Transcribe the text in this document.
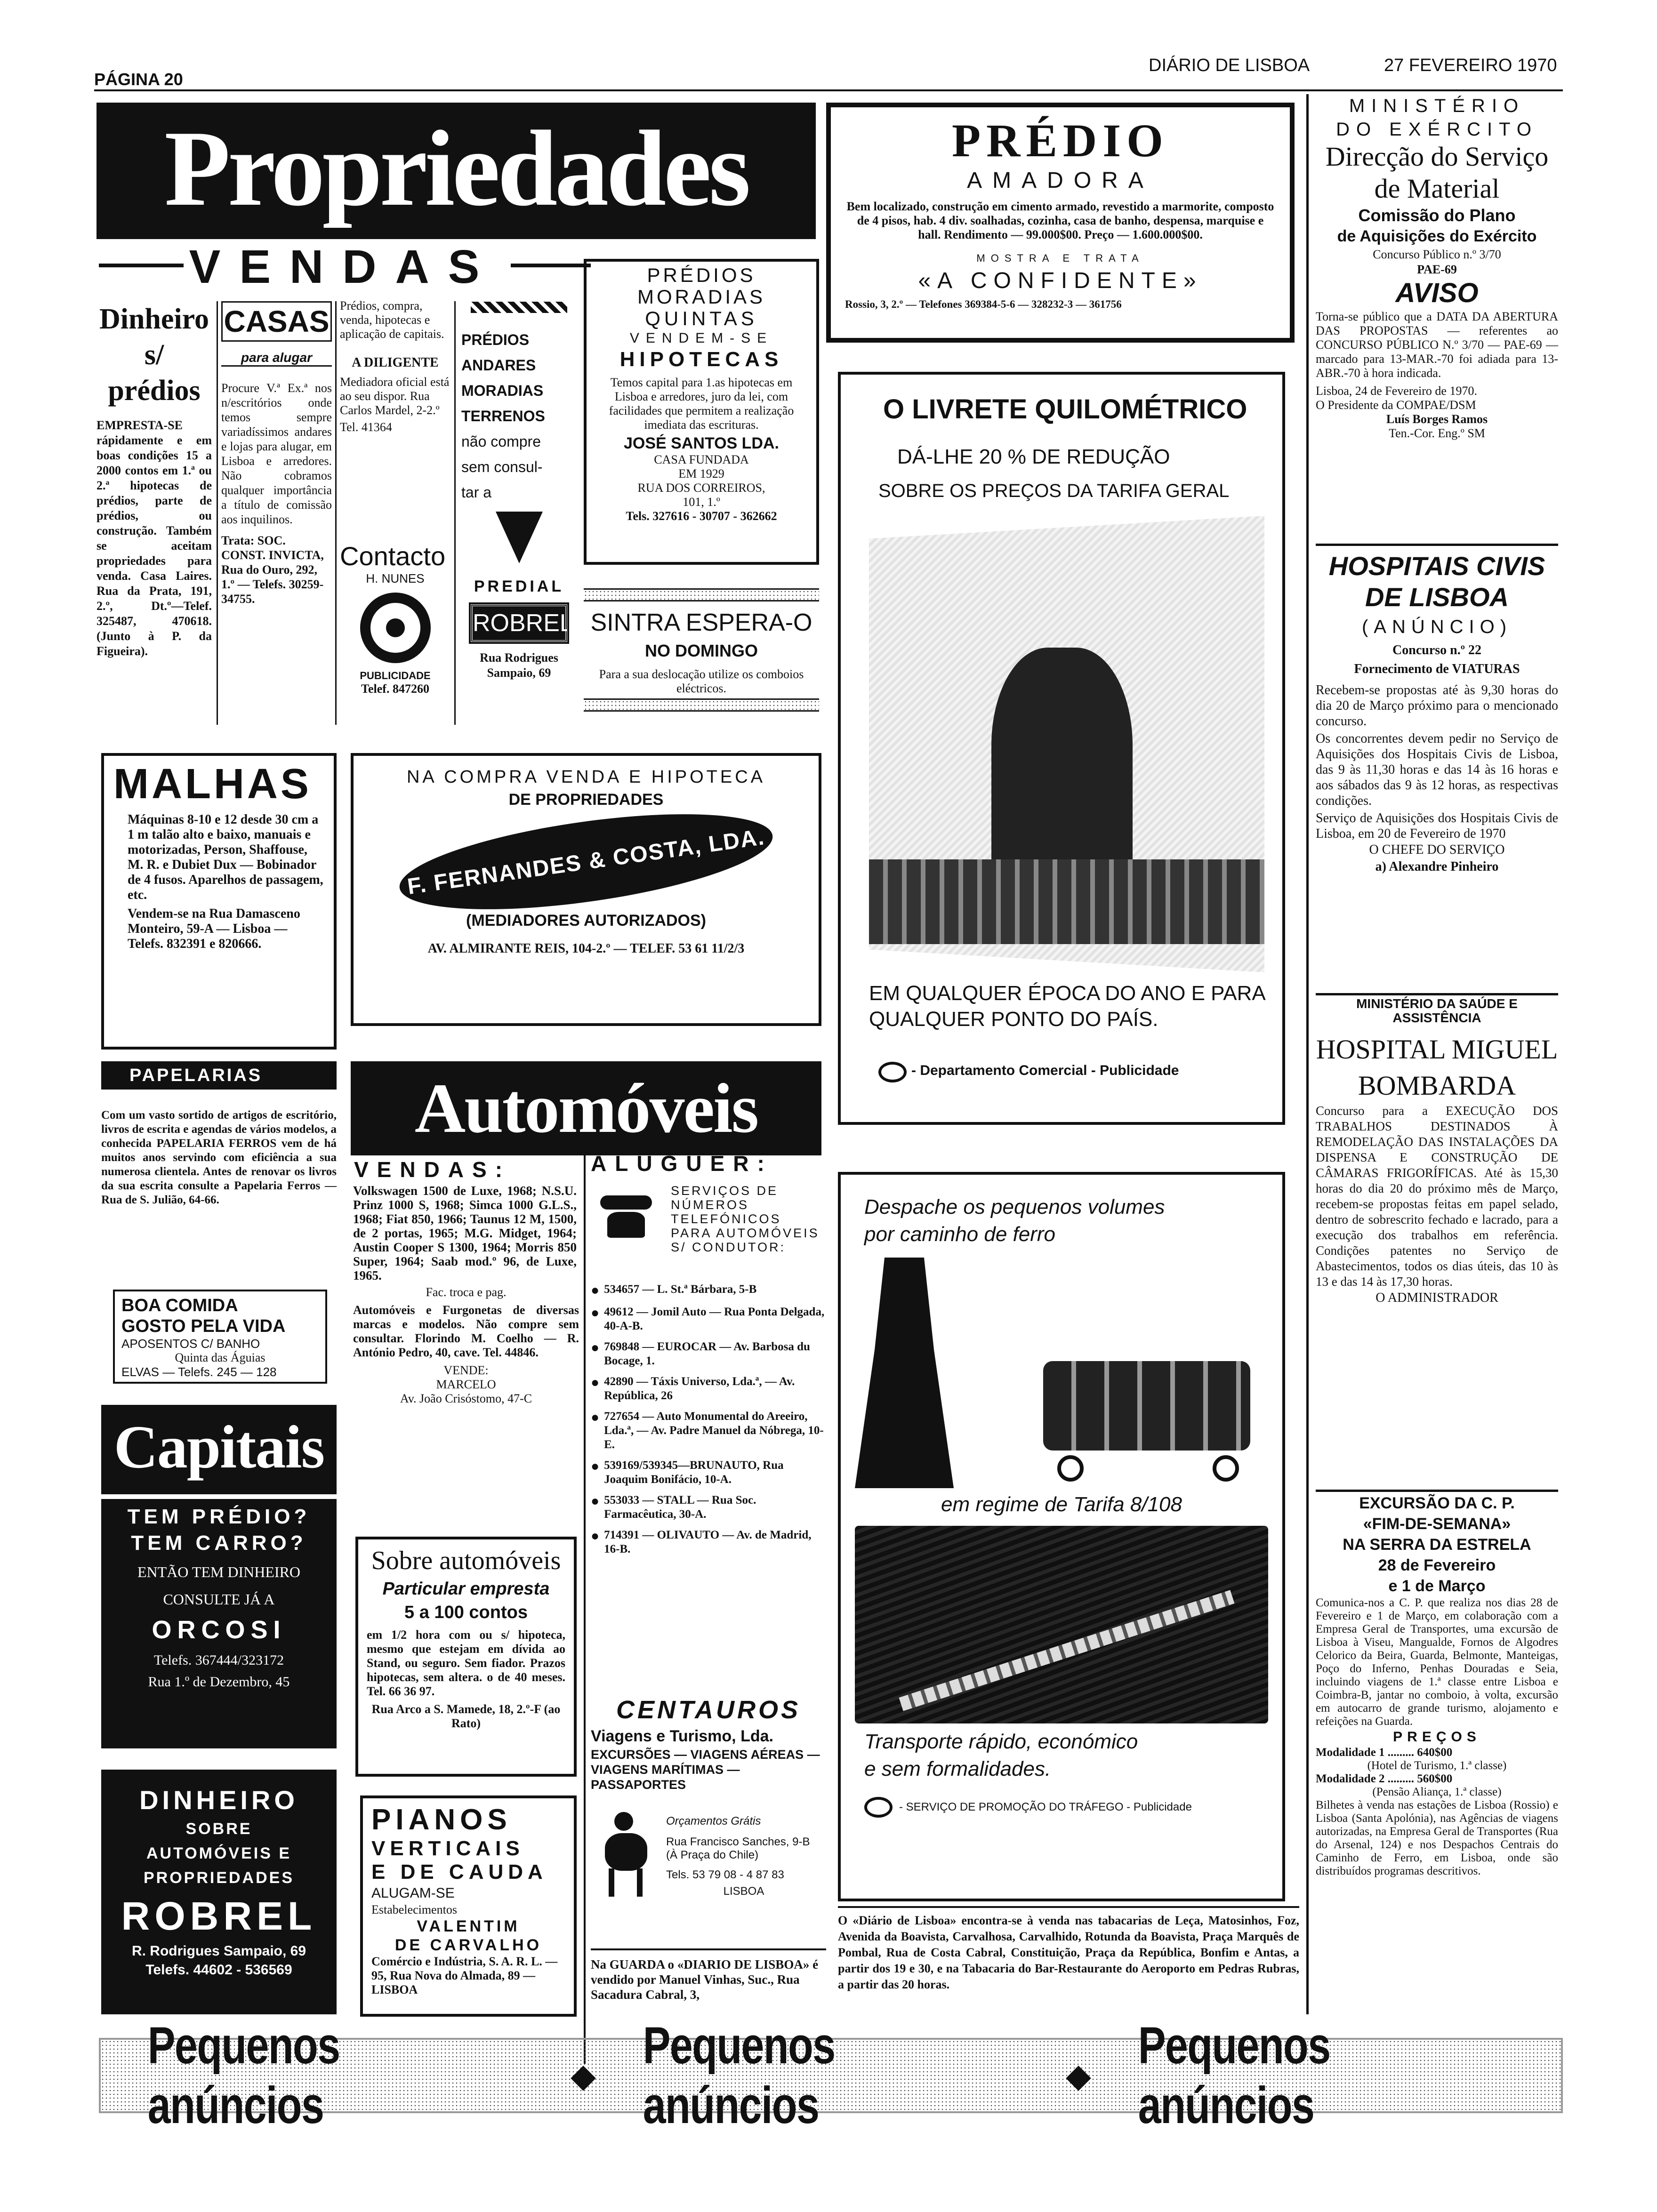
PÁGINA 20
DIÁRIO DE LISBOA	27 FEVEREIRO 1970
Propriedades
VENDAS
Dinheiro
s/
prédios

EMPRESTA-SE rápidamente e em boas condições 15 a 2000 contos em 1.ª ou 2.ª hipotecas de prédios, parte de prédios, ou construção. Também se aceitam propriedades para venda. Casa Laires. Rua da Prata, 191, 2.º, Dt.º—Telef. 325487, 470618. (Junto à P. da Figueira).

CASAS
para alugar

Procure V.ª Ex.ª nos n/escritórios onde temos sempre variadíssimos andares e lojas para alugar, em Lisboa e arredores. Não cobramos qualquer importância a título de comissão aos inquilinos.

Trata: SOC. CONST. INVICTA, Rua do Ouro, 292, 1.º — Telefs. 30259-34755.

Prédios, compra, venda, hipotecas e aplicação de capitais.

A DILIGENTE

Mediadora oficial está ao seu dispor. Rua Carlos Mardel, 2-2.º

Tel. 41364
Contacto
H. NUNES
PUBLICIDADE
Telef. 847260
PRÉDIOS
ANDARES
MORADIAS
TERRENOS
não compre
sem consul-
tar a
PREDIAL
ROBREL
Rua Rodrigues Sampaio, 69
PRÉDIOS
MORADIAS
QUINTAS
VENDEM-SE
HIPOTECAS

Temos capital para 1.as hipotecas em Lisboa e arredores, juro da lei, com facilidades que permitem a realização imediata das escrituras.

JOSÉ SANTOS LDA.
CASA FUNDADA
EM 1929
RUA DOS CORREIROS,
101, 1.º
Tels. 327616 - 30707 - 362662
SINTRA ESPERA-O
NO DOMINGO

Para a sua deslocação utilize os comboios eléctricos.

PRÉDIO
AMADORA

Bem localizado, construção em cimento armado, revestido a marmorite, composto de 4 pisos, hab. 4 div. soalhadas, cozinha, casa de banho, despensa, marquise e hall. Rendimento — 99.000$00. Preço — 1.600.000$00.

MOSTRA E TRATA
«A CONFIDENTE»
Rossio, 3, 2.º — Telefones 369384-5-6 — 328232-3 — 361756
O LIVRETE QUILOMÉTRICO
DÁ-LHE 20 % DE REDUÇÃO
SOBRE OS PREÇOS DA TARIFA GERAL
EM QUALQUER ÉPOCA DO ANO E PARA
QUALQUER PONTO DO PAÍS.
- Departamento Comercial - Publicidade
MINISTÉRIO
DO EXÉRCITO
Direcção do Serviço
de Material
Comissão do Plano
de Aquisições do Exército
Concurso Público n.º 3/70
PAE-69
AVISO

Torna-se público que a DATA DA ABERTURA DAS PROPOSTAS — referentes ao CONCURSO PÚBLICO N.º 3/70 — PAE-69 — marcado para 13-MAR.-70 foi adiada para 13-ABR.-70 à hora indicada.

Lisboa, 24 de Fevereiro de 1970.

O Presidente da COMPAE/DSM
Luís Borges Ramos
Ten.-Cor. Eng.º SM
HOSPITAIS CIVIS
DE LISBOA
(ANÚNCIO)
Concurso n.º 22
Fornecimento de VIATURAS

Recebem-se propostas até às 9,30 horas do dia 20 de Março próximo para o mencionado concurso.

Os concorrentes devem pedir no Serviço de Aquisições dos Hospitais Civis de Lisboa, das 9 às 11,30 horas e das 14 às 16 horas e aos sábados das 9 às 12 horas, as respectivas condições.

Serviço de Aquisições dos Hospitais Civis de Lisboa, em 20 de Fevereiro de 1970

O CHEFE DO SERVIÇO
a) Alexandre Pinheiro
MINISTÉRIO DA SAÚDE E ASSISTÊNCIA
HOSPITAL MIGUEL
BOMBARDA

Concurso para a EXECUÇÃO DOS TRABALHOS DESTINADOS À REMODELAÇÃO DAS INSTALAÇÕES DA DISPENSA E CONSTRUÇÃO DE CÂMARAS FRIGORÍFICAS. Até às 15,30 horas do dia 20 do próximo mês de Março, recebem-se propostas feitas em papel selado, dentro de sobrescrito fechado e lacrado, para a execução dos trabalhos em referência. Condições patentes no Serviço de Abastecimentos, todos os dias úteis, das 10 às 13 e das 14 às 17,30 horas.

O ADMINISTRADOR
EXCURSÃO DA C. P.
«FIM-DE-SEMANA»
NA SERRA DA ESTRELA
28 de Fevereiro
e 1 de Março

Comunica-nos a C. P. que realiza nos dias 28 de Fevereiro e 1 de Março, em colaboração com a Empresa Geral de Transportes, uma excursão de Lisboa à Viseu, Mangualde, Fornos de Algodres Celorico da Beira, Guarda, Belmonte, Manteigas, Poço do Inferno, Penhas Douradas e Seia, incluindo viagens de 1.ª classe entre Lisboa e Coimbra-B, jantar no comboio, à volta, excursão em autocarro de grande turismo, alojamento e refeições na Guarda.

PREÇOS
Modalidade 1 ......... 640$00
(Hotel de Turismo, 1.ª classe)
Modalidade 2 ......... 560$00
(Pensão Aliança, 1.ª classe)

Bilhetes à venda nas estações de Lisboa (Rossio) e Lisboa (Santa Apolónia), nas Agências de viagens autorizadas, na Empresa Geral de Transportes (Rua do Arsenal, 124) e nos Despachos Centrais do Caminho de Ferro, em Lisboa, onde são distribuídos programas descritivos.

MALHAS

Máquinas 8-10 e 12 desde 30 cm a 1 m talão alto e baixo, manuais e motorizadas, Person, Shaffouse, M. R. e Dubiet Dux — Bobinador de 4 fusos. Aparelhos de passagem, etc.

Vendem-se na Rua Damasceno Monteiro, 59-A — Lisboa — Telefs. 832391 e 820666.

PAPELARIAS

Com um vasto sortido de artigos de escritório, livros de escrita e agendas de vários modelos, a conhecida PAPELARIA FERROS vem de há muitos anos servindo com eficiência a sua numerosa clientela. Antes de renovar os livros da sua escrita consulte a Papelaria Ferros — Rua de S. Julião, 64-66.

BOA COMIDA
GOSTO PELA VIDA
APOSENTOS C/ BANHO
Quinta das Águias
ELVAS — Telefs. 245 — 128
Capitais
TEM PRÉDIO?
TEM CARRO?
ENTÃO TEM DINHEIRO
CONSULTE JÁ A
ORCOSI
Telefs. 367444/323172
Rua 1.º de Dezembro, 45
DINHEIRO
SOBRE
AUTOMÓVEIS E
PROPRIEDADES
ROBREL
R. Rodrigues Sampaio, 69
Telefs. 44602 - 536569
NA COMPRA VENDA E HIPOTECA
DE PROPRIEDADES
F. FERNANDES & COSTA, LDA.
(MEDIADORES AUTORIZADOS)
AV. ALMIRANTE REIS, 104-2.º — TELEF. 53 61 11/2/3
Automóveis
VENDAS:	ALUGUER:

Volkswagen 1500 de Luxe, 1968; N.S.U. Prinz 1000 S, 1968; Simca 1000 G.L.S., 1968; Fiat 850, 1966; Taunus 12 M, 1500, de 2 portas, 1965; M.G. Midget, 1964; Austin Cooper S 1300, 1964; Morris 850 Super, 1964; Saab mod.º 96, de Luxe, 1965.

Fac. troca e pag.

Automóveis e Furgonetas de diversas marcas e modelos. Não compre sem consultar. Florindo M. Coelho — R. António Pedro, 40, cave. Tel. 44846.

VENDE:
MARCELO
Av. João Crisóstomo, 47-C
Sobre automóveis
Particular empresta
5 a 100 contos

em 1/2 hora com ou s/ hipoteca, mesmo que estejam em dívida ao Stand, ou seguro. Sem fiador. Prazos hipotecas, sem altera. o de 40 meses. Tel. 66 36 97.

Rua Arco a S. Mamede, 18, 2.º-F (ao Rato)
PIANOS
VERTICAIS
E DE CAUDA
ALUGAM-SE
Estabelecimentos
VALENTIM
DE CARVALHO

Comércio e Indústria, S. A. R. L. — 95, Rua Nova do Almada, 89 — LISBOA

SERVIÇOS DE NÚMEROS TELEFÓNICOS PARA AUTOMÓVEIS S/ CONDUTOR:

● 534657 — L. St.ª Bárbara, 5-B
● 49612 — Jomil Auto — Rua Ponta Delgada, 40-A-B.
● 769848 — EUROCAR — Av. Barbosa du Bocage, 1.
● 42890 — Táxis Universo, Lda.ª, — Av. República, 26
● 727654 — Auto Monumental do Areeiro, Lda.ª, — Av. Padre Manuel da Nóbrega, 10-E.
● 539169/539345—BRUNAUTO, Rua Joaquim Bonifácio, 10-A.
● 553033 — STALL — Rua Soc. Farmacêutica, 30-A.
● 714391 — OLIVAUTO — Av. de Madrid, 16-B.
CENTAUROS
Viagens e Turismo, Lda.

EXCURSÕES — VIAGENS AÉREAS — VIAGENS MARÍTIMAS — PASSAPORTES

Orçamentos Grátis

Rua Francisco Sanches, 9-B (À Praça do Chile)

Tels. 53 79 08 - 4 87 83
LISBOA

Na GUARDA o «DIARIO DE LISBOA» é vendido por Manuel Vinhas, Suc., Rua Sacadura Cabral, 3,

Despache os pequenos volumes
por caminho de ferro
em regime de Tarifa 8/108
Transporte rápido, económico
e sem formalidades.
- SERVIÇO DE PROMOÇÃO DO TRÁFEGO - Publicidade

O «Diário de Lisboa» encontra-se à venda nas tabacarias de Leça, Matosinhos, Foz, Avenida da Boavista, Carvalhosa, Carvalhido, Rotunda da Boavista, Praça Marquês de Pombal, Rua de Costa Cabral, Constituição, Praça da República, Bonfim e Antas, a partir dos 19 e 30, e na Tabacaria do Bar-Restaurante do Aeroporto em Pedras Rubras, a partir das 20 horas.

Pequenos anúncios
◆
Pequenos anúncios
◆
Pequenos anúncios
